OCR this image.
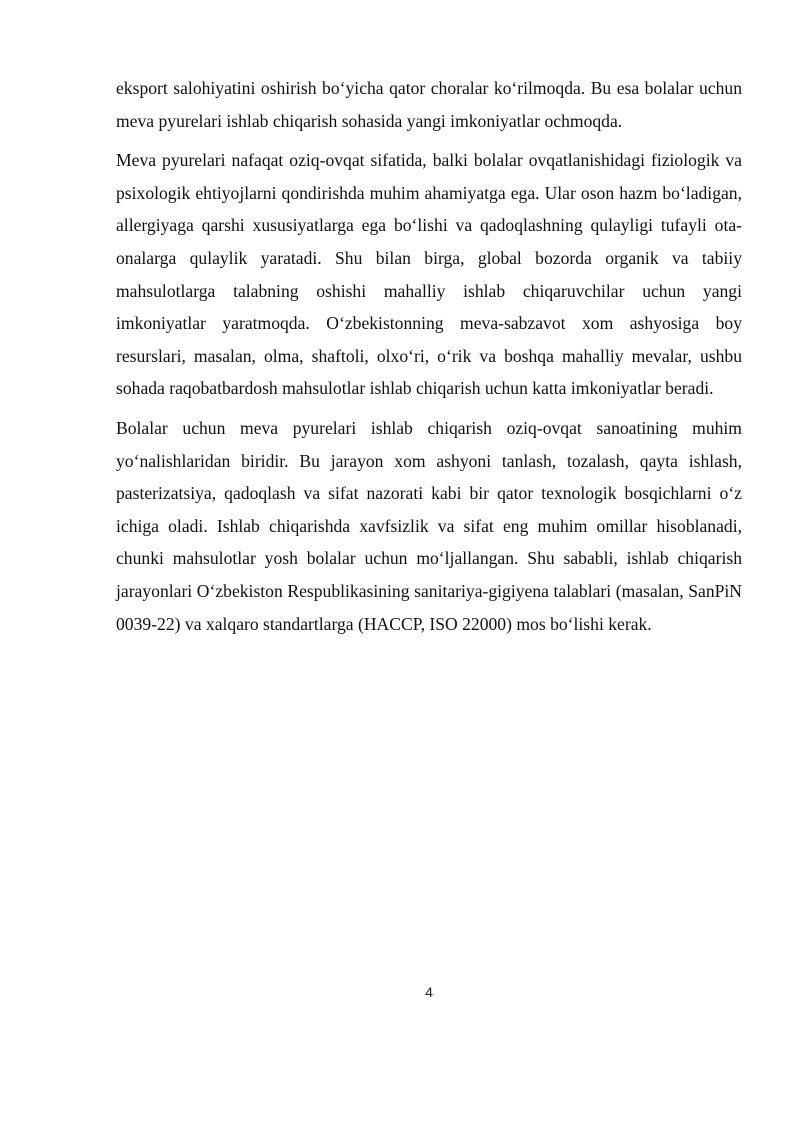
eksport salohiyatini oshirish bo‘yicha qator choralar ko‘rilmoqda. Bu esa bolalar uchun meva pyurelari ishlab chiqarish sohasida yangi imkoniyatlar ochmoqda.

Meva pyurelari nafaqat oziq-ovqat sifatida, balki bolalar ovqatlanishidagi fiziologik va psixologik ehtiyojlarni qondirishda muhim ahamiyatga ega. Ular oson hazm bo‘ladigan, allergiyaga qarshi xususiyatlarga ega bo‘lishi va qadoqlashning qulayligi tufayli ota-onalarga qulaylik yaratadi. Shu bilan birga, global bozorda organik va tabiiy mahsulotlarga talabning oshishi mahalliy ishlab chiqaruvchilar uchun yangi imkoniyatlar yaratmoqda. O‘zbekistonning meva-sabzavot xom ashyosiga boy resurslari, masalan, olma, shaftoli, olxo‘ri, o‘rik va boshqa mahalliy mevalar, ushbu sohada raqobatbardosh mahsulotlar ishlab chiqarish uchun katta imkoniyatlar beradi.

Bolalar uchun meva pyurelari ishlab chiqarish oziq-ovqat sanoatining muhim yo‘nalishlaridan biridir. Bu jarayon xom ashyoni tanlash, tozalash, qayta ishlash, pasterizatsiya, qadoqlash va sifat nazorati kabi bir qator texnologik bosqichlarni o‘z ichiga oladi. Ishlab chiqarishda xavfsizlik va sifat eng muhim omillar hisoblanadi, chunki mahsulotlar yosh bolalar uchun mo‘ljallangan. Shu sababli, ishlab chiqarish jarayonlari O‘zbekiston Respublikasining sanitariya-gigiyena talablari (masalan, SanPiN 0039-22) va xalqaro standartlarga (HACCP, ISO 22000) mos bo‘lishi kerak.

4
